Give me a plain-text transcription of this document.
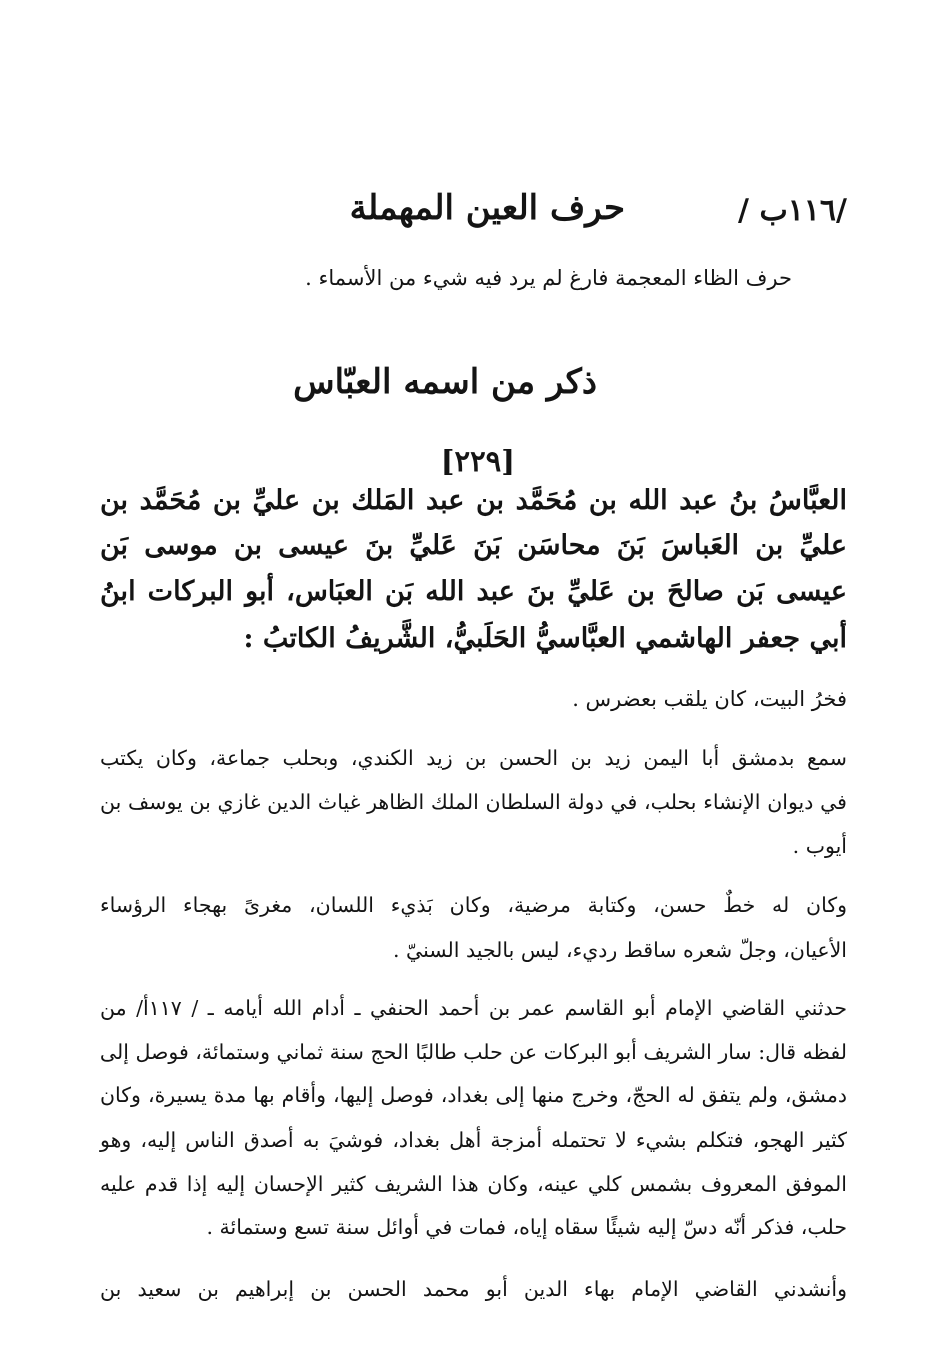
/ ١١٦ب/
حرف العين المهملة
حرف الظاء المعجمة فارغ لم يرد فيه شيء من الأسماء .
ذكر من اسمه العبّاس
[٢٢٩]
العبَّاسُ بنُ عبد الله بن مُحَمَّد بن عبد المَلك بن عليِّ بن مُحَمَّد بن
عليِّ بن العَباسَ بَنَ محاسَن بَنَ عَليِّ بنَ عيسى بن موسى بَن
عيسى بَن صالحَ بن عَليِّ بنَ عبد الله بَن العبَاس، أبو البركات ابنُ
أبي جعفر الهاشمي العبَّاسيُّ الحَلَبيُّ، الشَّريفُ الكاتبُ :
فخرُ البيت، كان يلقب بعضرس .
سمع بدمشق أبا اليمن زيد بن الحسن بن زيد الكندي، وبحلب جماعة، وكان يكتب
في ديوان الإنشاء بحلب، في دولة السلطان الملك الظاهر غياث الدين غازي بن يوسف بن
أيوب .
وكان له خطٌ حسن، وكتابة مرضية، وكان بَذيء اللسان، مغرىً بهجاء الرؤساء
الأعيان، وجلّ شعره ساقط رديء، ليس بالجيد السنيّ .
حدثني القاضي الإمام أبو القاسم عمر بن أحمد الحنفي ـ أدام الله أيامه ـ / ١١٧أ/ من
لفظه قال: سار الشريف أبو البركات عن حلب طالبًا الحج سنة ثماني وستمائة، فوصل إلى
دمشق، ولم يتفق له الحجّ، وخرج منها إلى بغداد، فوصل إليها، وأقام بها مدة يسيرة، وكان
كثير الهجو، فتكلم بشيء لا تحتمله أمزجة أهل بغداد، فوشيَ به أصدق الناس إليه، وهو
الموفق المعروف بشمس كلي عينه، وكان هذا الشريف كثير الإحسان إليه إذا قدم عليه
حلب، فذكر أنّه دسّ إليه شيئًا سقاه إياه، فمات في أوائل سنة تسع وستمائة .
وأنشدني القاضي الإمام بهاء الدين أبو محمد الحسن بن إبراهيم بن سعيد بن
